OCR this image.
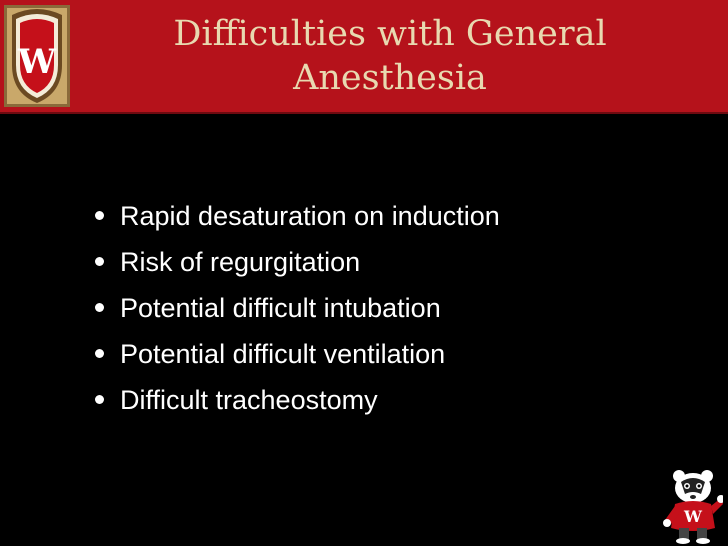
W
Difficulties with General
Anesthesia
Rapid desaturation on induction
Risk of regurgitation
Potential difficult intubation
Potential difficult ventilation
Difficult tracheostomy
W
